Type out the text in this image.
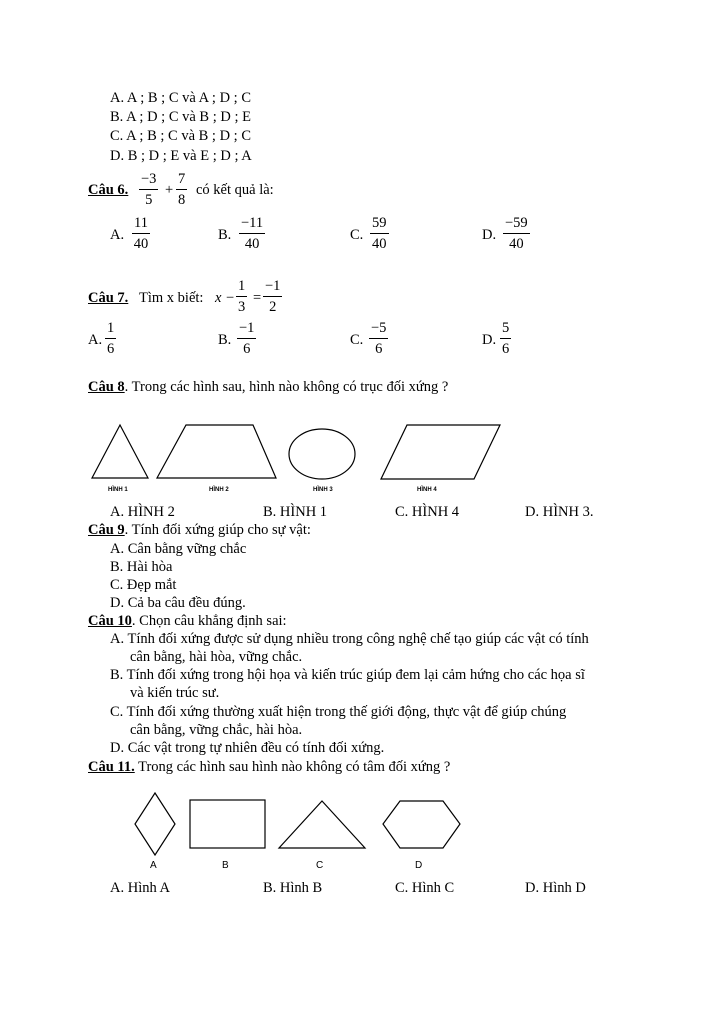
A. A ; B ; C và A ; D ; C
B. A ; D ; C và B ; D ; E
C. A ; B ; C và B ; D ; C
D. B ; D ; E và E ; D ; A
Câu 6. $\frac{-3}{5} + \frac{7}{8}$ có kết quả là:
A. $\frac{11}{40}$	B. $\frac{-11}{40}$	C. $\frac{59}{40}$	D. $\frac{-59}{40}$
Câu 7. Tìm x biết: $x - \frac{1}{3} = \frac{-1}{2}$
A. $\frac{1}{6}$	B. $\frac{-1}{6}$	C. $\frac{-5}{6}$	D. $\frac{5}{6}$
Câu 8. Trong các hình sau, hình nào không có trục đối xứng ?
HÌNH 1	HÌNH 2	HÌNH 3	HÌNH 4
A. HÌNH 2	B. HÌNH 1	C. HÌNH 4	D. HÌNH 3.
Câu 9. Tính đối xứng giúp cho sự vật:
A. Cân bằng vững chắc
B. Hài hòa
C. Đẹp mắt
D. Cả ba câu đều đúng.
Câu 10. Chọn câu khẳng định sai:
A. Tính đối xứng được sử dụng nhiều trong công nghệ chế tạo giúp các vật có tính
cân bằng, hài hòa, vững chắc.
B. Tính đối xứng trong hội họa và kiến trúc giúp đem lại cảm hứng cho các họa sĩ
và kiến trúc sư.
C. Tính đối xứng thường xuất hiện trong thế giới động, thực vật để giúp chúng
cân bằng, vững chắc, hài hòa.
D. Các vật trong tự nhiên đều có tính đối xứng.
Câu 11. Trong các hình sau hình nào không có tâm đối xứng ?
A	B	C	D
A. Hình A	B. Hình B	C. Hình C	D. Hình D
